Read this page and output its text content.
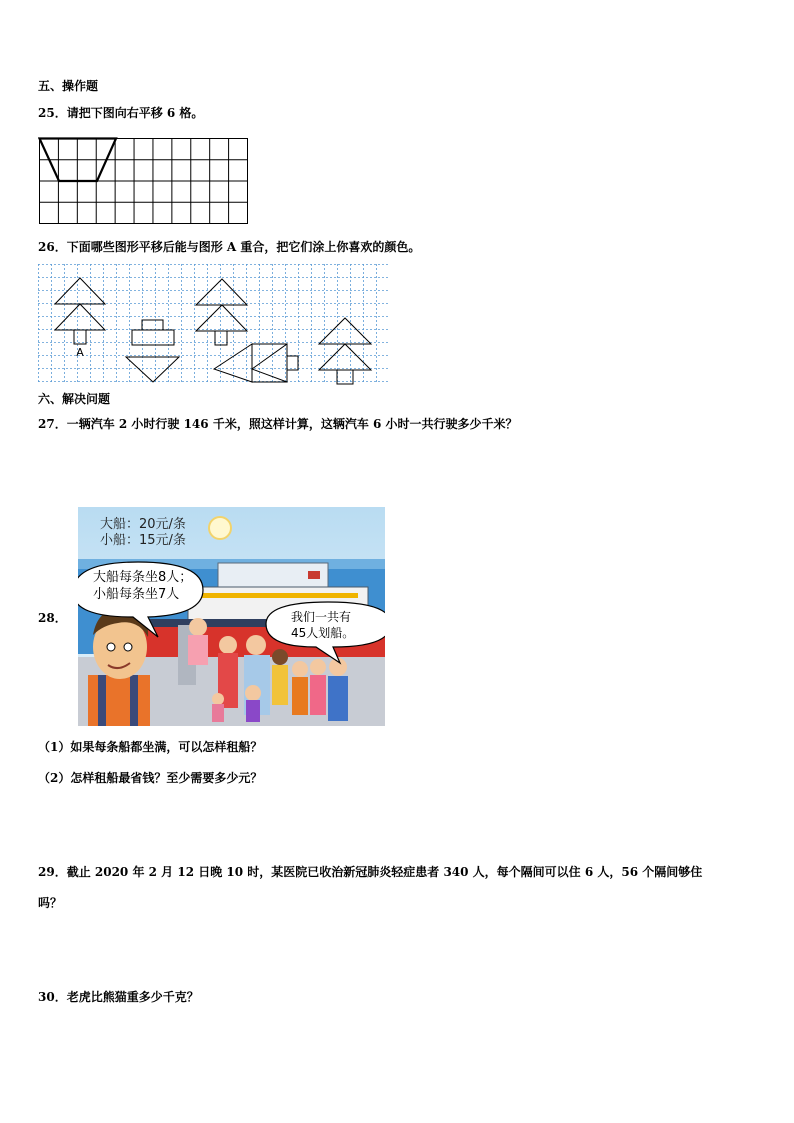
五、操作题
25．请把下图向右平移 6 格。
26．下面哪些图形平移后能与图形 A 重合，把它们涂上你喜欢的颜色。
A
六、解决问题
27．一辆汽车 2 小时行驶 146 千米，照这样计算，这辆汽车 6 小时一共行驶多少千米？
28．
大船：20元/条
小船：15元/条
大船每条坐8人；
小船每条坐7人
我们一共有
45人划船。
（1）如果每条船都坐满，可以怎样租船？
（2）怎样租船最省钱？至少需要多少元？
29．截止 2020 年 2 月 12 日晚 10 时，某医院已收治新冠肺炎轻症患者 340 人，每个隔间可以住 6 人，56 个隔间够住
吗？
30．老虎比熊猫重多少千克？
